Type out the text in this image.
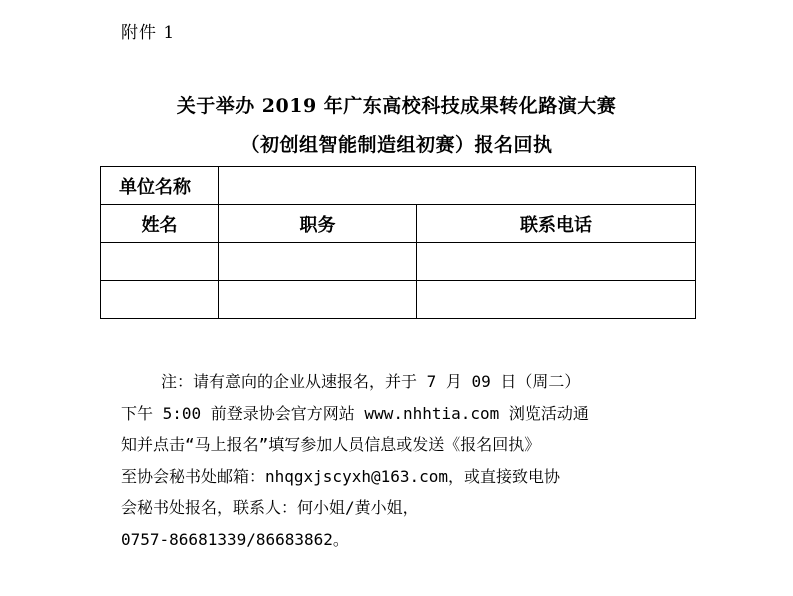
附件 1
关于举办 2019 年广东高校科技成果转化路演大赛
（初创组智能制造组初赛）报名回执
单位名称		
姓名	职务	联系电话

注：请有意向的企业从速报名，并于 7 月 09 日（周二）

下午 5:00 前登录协会官方网站 www.nhhtia.com 浏览活动通

知并点击“马上报名”填写参加人员信息或发送《报名回执》

至协会秘书处邮箱：nhqgxjscyxh@163.com，或直接致电协

会秘书处报名，联系人：何小姐/黄小姐，

0757-86681339/86683862。
